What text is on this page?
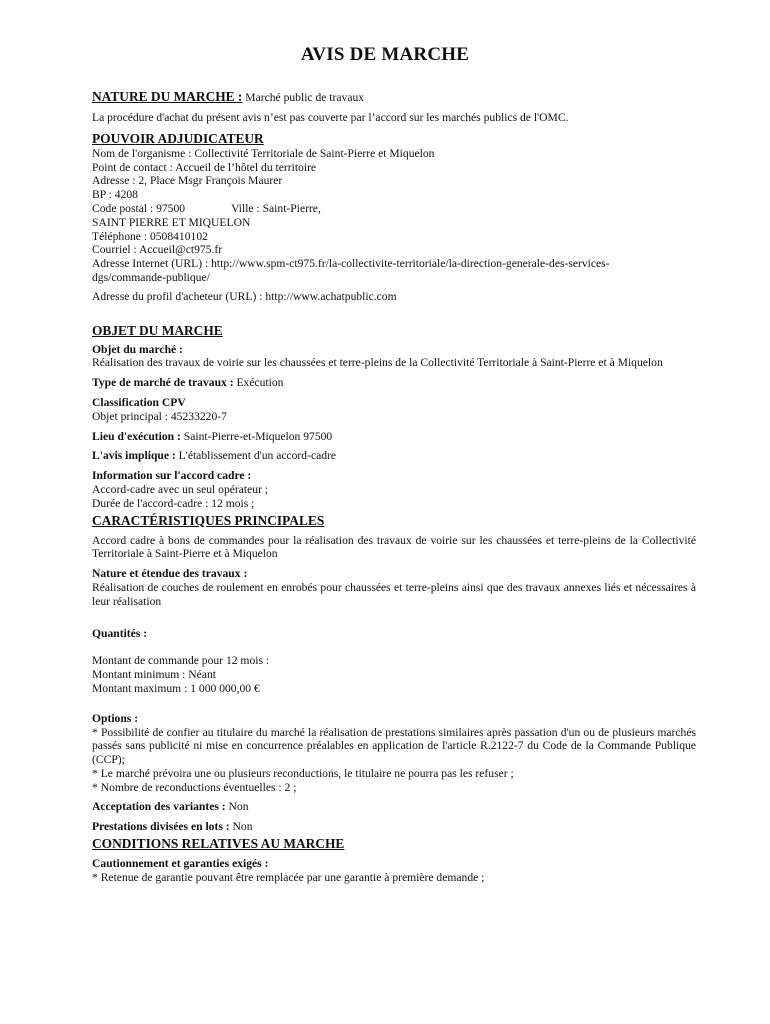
AVIS DE MARCHE
NATURE DU MARCHE : Marché public de travaux
La procédure d'achat du présent avis n’est pas couverte par l’accord sur les marchés publics de l'OMC.
POUVOIR ADJUDICATEUR
Nom de l'organisme : Collectivité Territoriale de Saint-Pierre et Miquelon
Point de contact : Accueil de l’hôtel du territoire
Adresse : 2, Place Msgr François Maurer
BP : 4208
Code postal : 97500	Ville : Saint-Pierre,
SAINT PIERRE ET MIQUELON
Téléphone : 0508410102
Courriel : Accueil@ct975.fr
Adresse Internet (URL) : http://www.spm-ct975.fr/la-collectivite-territoriale/la-direction-generale-des-services-
dgs/commande-publique/
Adresse du profil d'acheteur (URL) : http://www.achatpublic.com
OBJET DU MARCHE
Objet du marché :
Réalisation des travaux de voirie sur les chaussées et terre-pleins de la Collectivité Territoriale à Saint-Pierre et à Miquelon
Type de marché de travaux : Exécution
Classification CPV
Objet principal : 45233220-7
Lieu d'exécution : Saint-Pierre-et-Miquelon 97500
L'avis implique : L'établissement d'un accord-cadre
Information sur l'accord cadre :
Accord-cadre avec un seul opérateur ;
Durée de l'accord-cadre : 12 mois ;
CARACTÉRISTIQUES PRINCIPALES
Accord cadre à bons de commandes pour la réalisation des travaux de voirie sur les chaussées et terre-pleins de la Collectivité Territoriale à Saint-Pierre et à Miquelon
Nature et étendue des travaux :
Réalisation de couches de roulement en enrobés pour chaussées et terre-pleins ainsi que des travaux annexes liés et nécessaires à leur réalisation
Quantités :
Montant de commande pour 12 mois :
Montant minimum : Néant
Montant maximum : 1 000 000,00 €
Options :
* Possibilité de confier au titulaire du marché la réalisation de prestations similaires après passation d'un ou de plusieurs marchés passés sans publicité ni mise en concurrence préalables en application de l'article R.2122-7 du Code de la Commande Publique (CCP);
* Le marché prévoira une ou plusieurs reconductions, le titulaire ne pourra pas les refuser ;
* Nombre de reconductions éventuelles : 2 ;
Acceptation des variantes : Non
Prestations divisées en lots : Non
CONDITIONS RELATIVES AU MARCHE
Cautionnement et garanties exigés :
* Retenue de garantie pouvant être remplacée par une garantie à première demande ;
